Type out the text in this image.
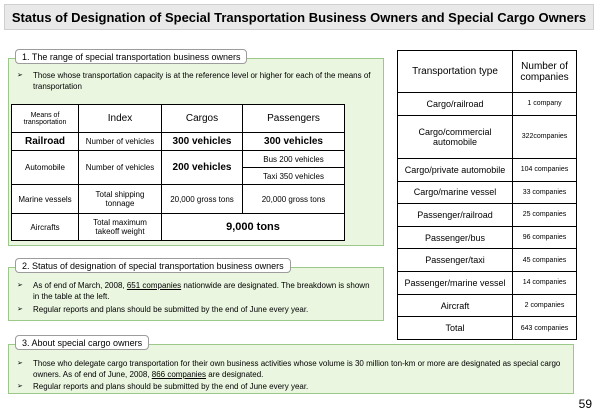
Status of Designation of Special Transportation Business Owners and Special Cargo Owners
1. The range of special transportation business owners
➢	Those whose transportation capacity is at the reference level or higher for each of the means of transportation
Means of transportation	Index	Cargos	Passengers
Railroad	Number of vehicles	300 vehicles	300 vehicles
Automobile	Number of vehicles	200 vehicles	Bus 200 vehicles
			Taxi 350 vehicles
Marine vessels	Total shipping tonnage	20,000 gross tons	20,000 gross tons
Aircrafts	Total maximum takeoff weight	9,000 tons	
2. Status of designation of special transportation business owners
➢	As of end of March, 2008, 651 companies nationwide are designated. The breakdown is shown in the table at the left.
➢	Regular reports and plans should be submitted by the end of June every year.
3. About special cargo owners
➢	Those who delegate cargo transportation for their own business activities whose volume is 30 million ton-km or more are designated as special cargo owners. As of end of June, 2008, 866 companies are designated.
➢	Regular reports and plans should be submitted by the end of June every year.
Transportation type	Number of companies
Cargo/railroad	1 company
Cargo/commercial automobile	322companies
Cargo/private automobile	104 companies
Cargo/marine vessel	33 companies
Passenger/railroad	25 companies
Passenger/bus	96 companies
Passenger/taxi	45 companies
Passenger/marine vessel	14 companies
Aircraft	2 companies
Total	643 companies
59
